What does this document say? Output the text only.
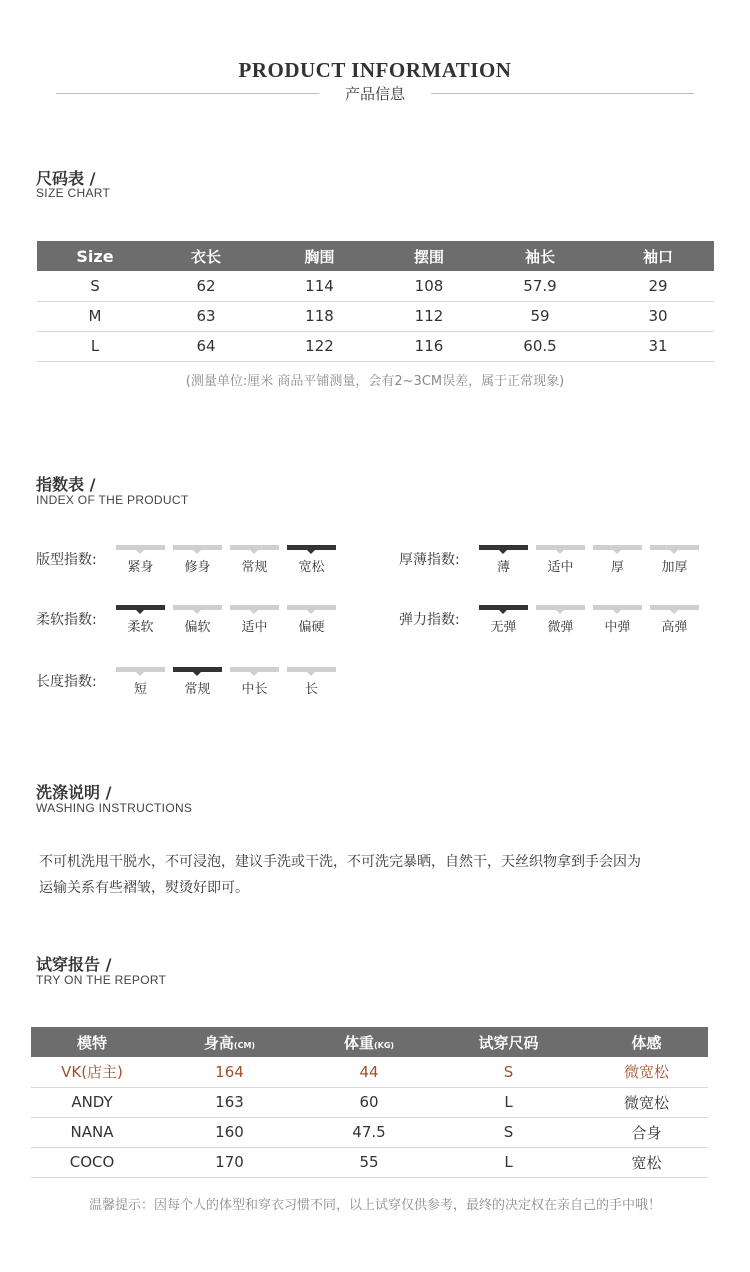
PRODUCT INFORMATION
产品信息
尺码表 /
SIZE CHART
Size	衣长	胸围	摆围	袖长	袖口
S	62	114	108	57.9	29
M	63	118	112	59	30
L	64	122	116	60.5	31
(测量单位:厘米 商品平铺测量，会有2~3CM误差，属于正常现象)
指数表 /
INDEX OF THE PRODUCT
版型指数:	紧身	修身	常规	宽松	厚薄指数:	薄	适中	厚	加厚
柔软指数:	柔软	偏软	适中	偏硬	弹力指数:	无弹	微弹	中弹	高弹
长度指数:	短	常规	中长	长
洗涤说明 /
WASHING INSTRUCTIONS
不可机洗甩干脱水，不可浸泡，建议手洗或干洗，不可洗完暴晒，自然干，天丝织物拿到手会因为
运输关系有些褶皱，熨烫好即可。
试穿报告 /
TRY ON THE REPORT
模特	身高(CM)	体重(KG)	试穿尺码	体感
VK(店主)	164	44	S	微宽松
ANDY	163	60	L	微宽松
NANA	160	47.5	S	合身
COCO	170	55	L	宽松
温馨提示：因每个人的体型和穿衣习惯不同，以上试穿仅供参考，最终的决定权在亲自己的手中哦！
